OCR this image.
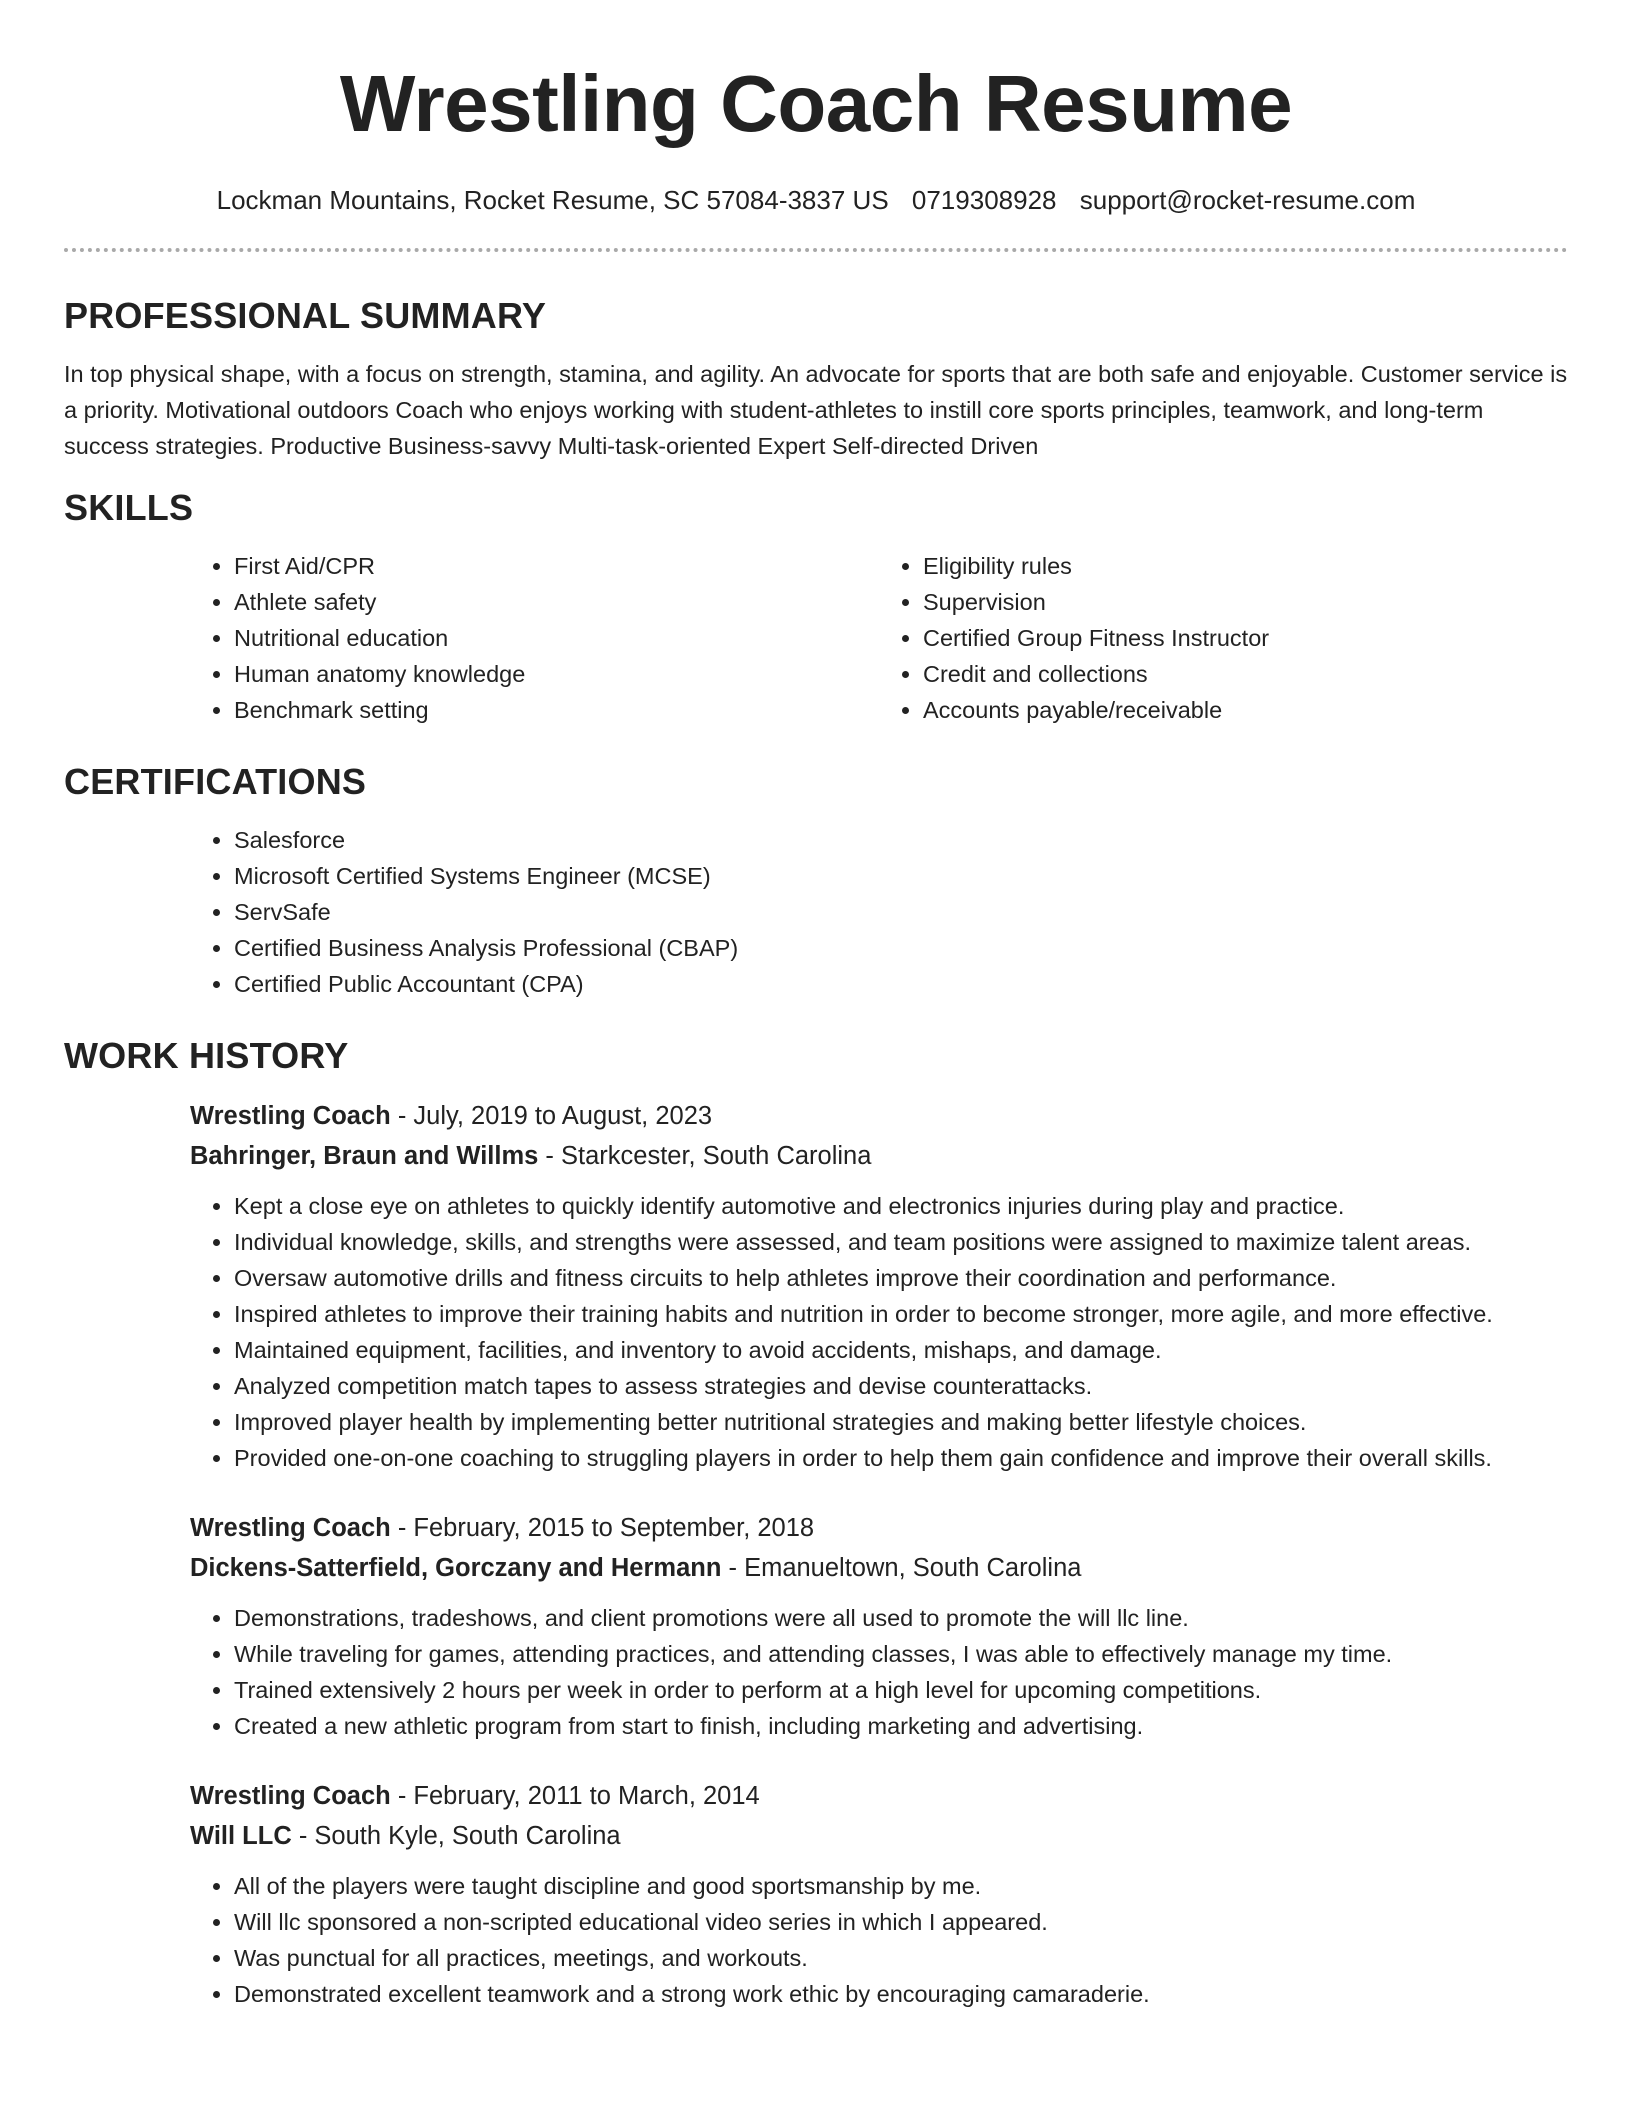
Wrestling Coach Resume
Lockman Mountains, Rocket Resume, SC 57084-3837 US 0719308928 support@rocket-resume.com
PROFESSIONAL SUMMARY

In top physical shape, with a focus on strength, stamina, and agility. An advocate for sports that are both safe and enjoyable. Customer service is a priority. Motivational outdoors Coach who enjoys working with student-athletes to instill core sports principles, teamwork, and long-term success strategies. Productive Business-savvy Multi-task-oriented Expert Self-directed Driven

SKILLS
• First Aid/CPR
• Athlete safety
• Nutritional education
• Human anatomy knowledge
• Benchmark setting
• Eligibility rules
• Supervision
• Certified Group Fitness Instructor
• Credit and collections
• Accounts payable/receivable
CERTIFICATIONS
• Salesforce
• Microsoft Certified Systems Engineer (MCSE)
• ServSafe
• Certified Business Analysis Professional (CBAP)
• Certified Public Accountant (CPA)
WORK HISTORY
Wrestling Coach - July, 2019 to August, 2023
Bahringer, Braun and Willms - Starkcester, South Carolina
• Kept a close eye on athletes to quickly identify automotive and electronics injuries during play and practice.
• Individual knowledge, skills, and strengths were assessed, and team positions were assigned to maximize talent areas.
• Oversaw automotive drills and fitness circuits to help athletes improve their coordination and performance.
• Inspired athletes to improve their training habits and nutrition in order to become stronger, more agile, and more effective.
• Maintained equipment, facilities, and inventory to avoid accidents, mishaps, and damage.
• Analyzed competition match tapes to assess strategies and devise counterattacks.
• Improved player health by implementing better nutritional strategies and making better lifestyle choices.
• Provided one-on-one coaching to struggling players in order to help them gain confidence and improve their overall skills.
Wrestling Coach - February, 2015 to September, 2018
Dickens-Satterfield, Gorczany and Hermann - Emanueltown, South Carolina
• Demonstrations, tradeshows, and client promotions were all used to promote the will llc line.
• While traveling for games, attending practices, and attending classes, I was able to effectively manage my time.
• Trained extensively 2 hours per week in order to perform at a high level for upcoming competitions.
• Created a new athletic program from start to finish, including marketing and advertising.
Wrestling Coach - February, 2011 to March, 2014
Will LLC - South Kyle, South Carolina
• All of the players were taught discipline and good sportsmanship by me.
• Will llc sponsored a non-scripted educational video series in which I appeared.
• Was punctual for all practices, meetings, and workouts.
• Demonstrated excellent teamwork and a strong work ethic by encouraging camaraderie.
